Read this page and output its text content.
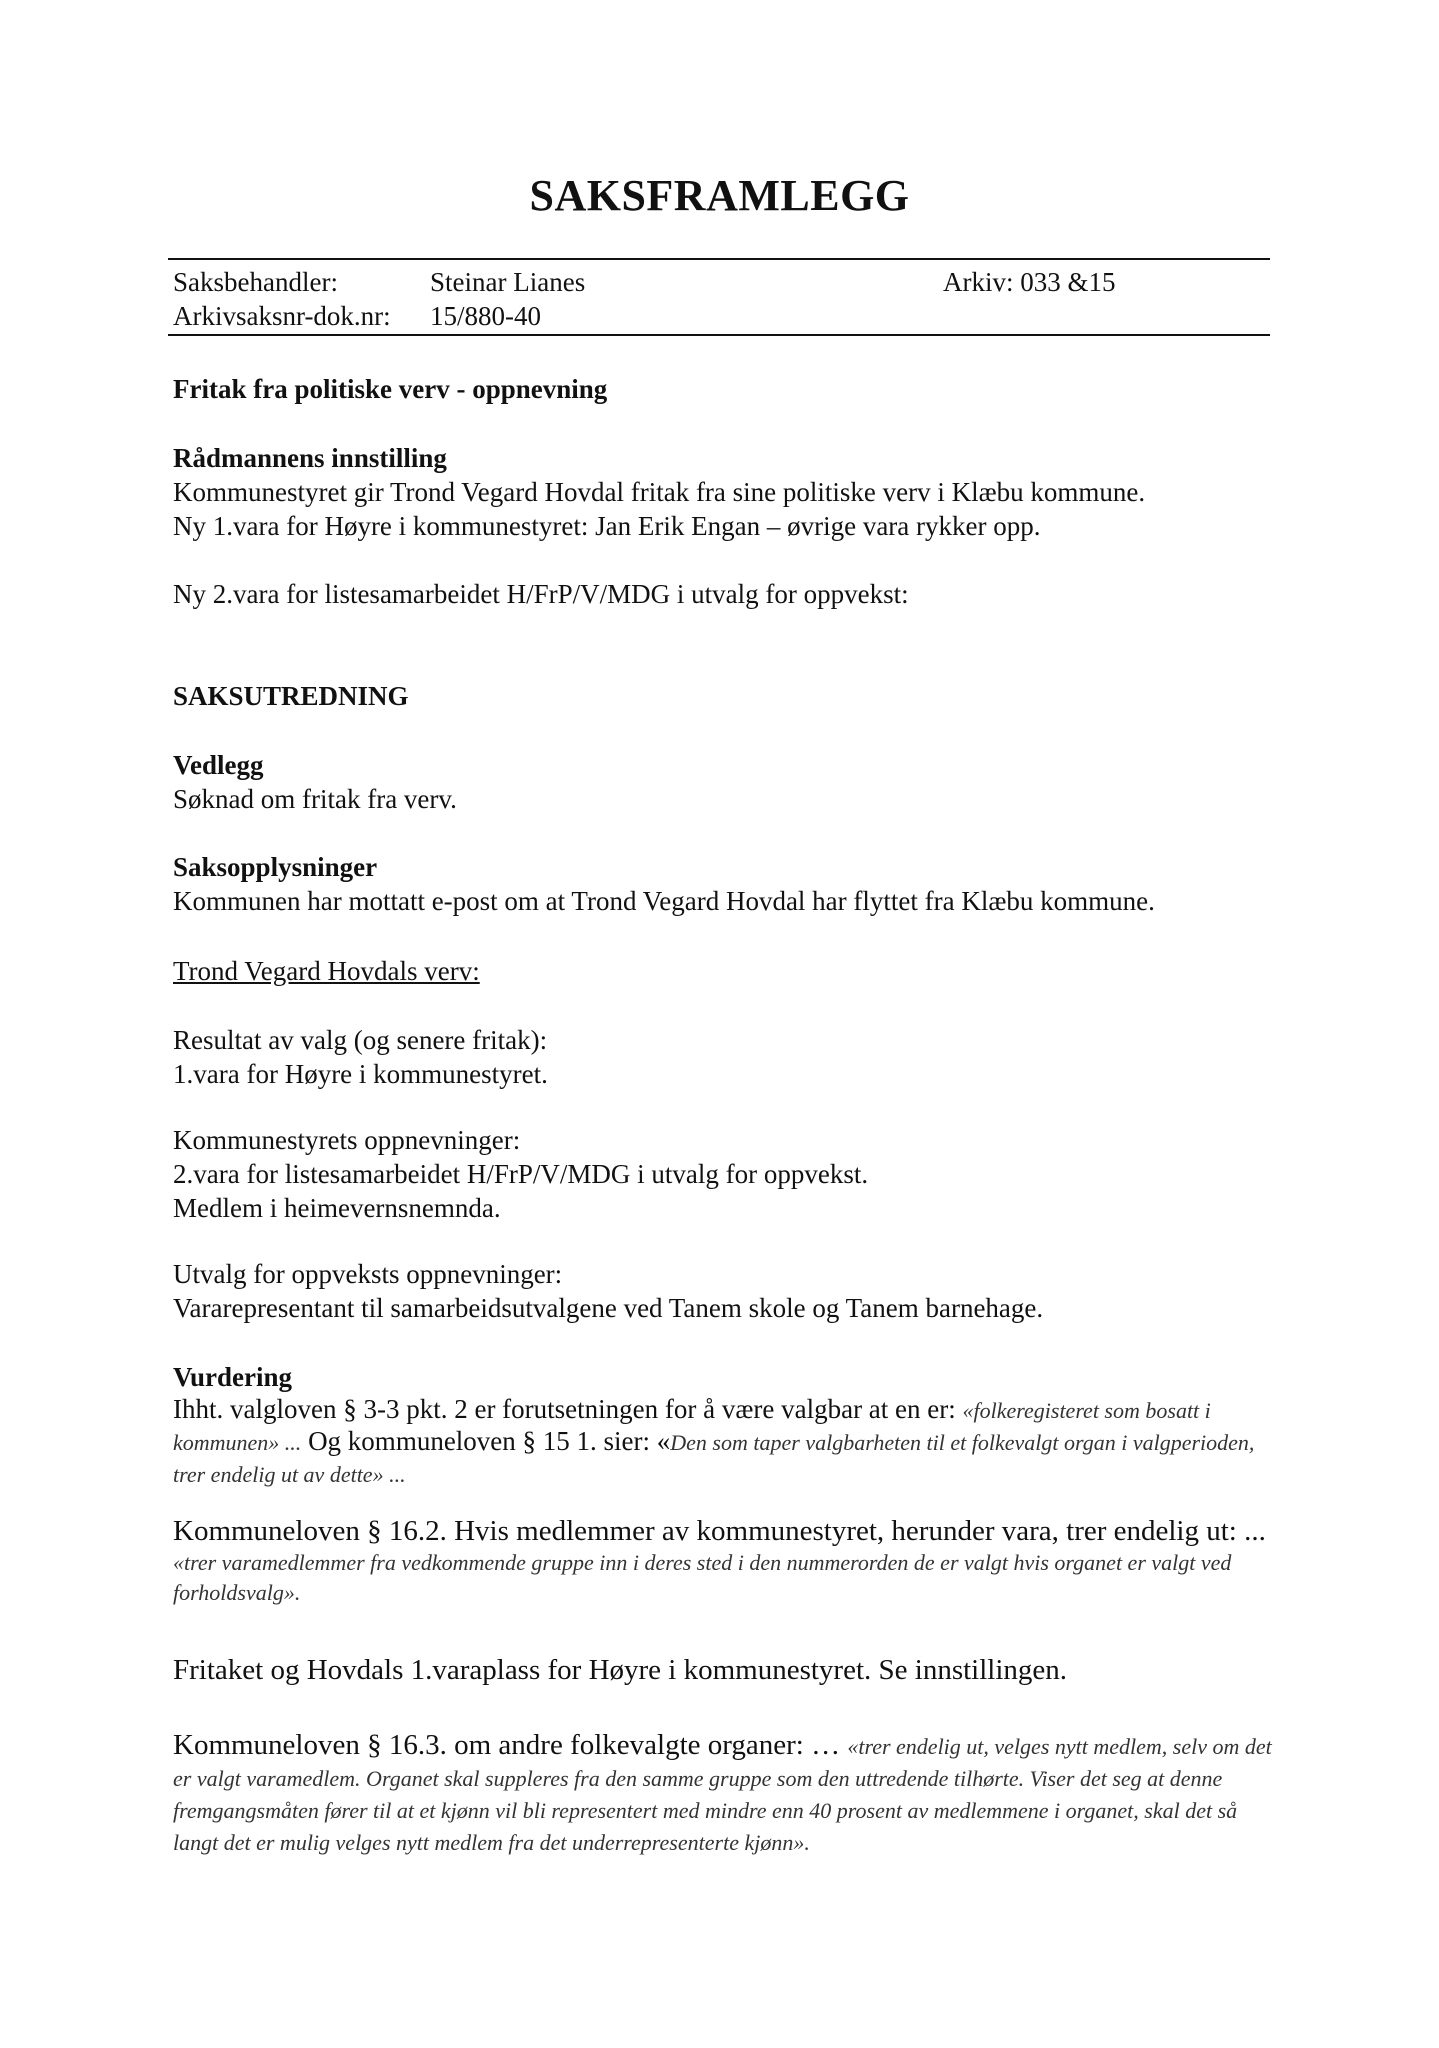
SAKSFRAMLEGG
Saksbehandler:	Steinar Lianes	Arkiv: 033 &15
Arkivsaksnr-dok.nr: 15/880-40
Fritak fra politiske verv - oppnevning

Rådmannens innstilling

Kommunestyret gir Trond Vegard Hovdal fritak fra sine politiske verv i Klæbu kommune.

Ny 1.vara for Høyre i kommunestyret: Jan Erik Engan – øvrige vara rykker opp.

Ny 2.vara for listesamarbeidet H/FrP/V/MDG i utvalg for oppvekst:
SAKSUTREDNING

Vedlegg

Søknad om fritak fra verv.

Saksopplysninger

Kommunen har mottatt e-post om at Trond Vegard Hovdal har flyttet fra Klæbu kommune.

Trond Vegard Hovdals verv:

Resultat av valg (og senere fritak):

1.vara for Høyre i kommunestyret.

Kommunestyrets oppnevninger:

2.vara for listesamarbeidet H/FrP/V/MDG i utvalg for oppvekst.

Medlem i heimevernsnemnda.

Utvalg for oppveksts oppnevninger:

Vararepresentant til samarbeidsutvalgene ved Tanem skole og Tanem barnehage.

Vurdering

Ihht. valgloven § 3-3 pkt. 2 er forutsetningen for å være valgbar at en er: «folkeregisteret som bosatt i kommunen» ... Og kommuneloven § 15 1. sier: «Den som taper valgbarheten til et folkevalgt organ i valgperioden, trer endelig ut av dette» ...

Kommuneloven § 16.2. Hvis medlemmer av kommunestyret, herunder vara, trer endelig ut: ...

«trer varamedlemmer fra vedkommende gruppe inn i deres sted i den nummerorden de er valgt hvis organet er valgt ved forholdsvalg».

Fritaket og Hovdals 1.varaplass for Høyre i kommunestyret. Se innstillingen.

Kommuneloven § 16.3. om andre folkevalgte organer: … «trer endelig ut, velges nytt medlem, selv om det er valgt varamedlem. Organet skal suppleres fra den samme gruppe som den uttredende tilhørte. Viser det seg at denne fremgangsmåten fører til at et kjønn vil bli representert med mindre enn 40 prosent av medlemmene i organet, skal det så langt det er mulig velges nytt medlem fra det underrepresenterte kjønn».
